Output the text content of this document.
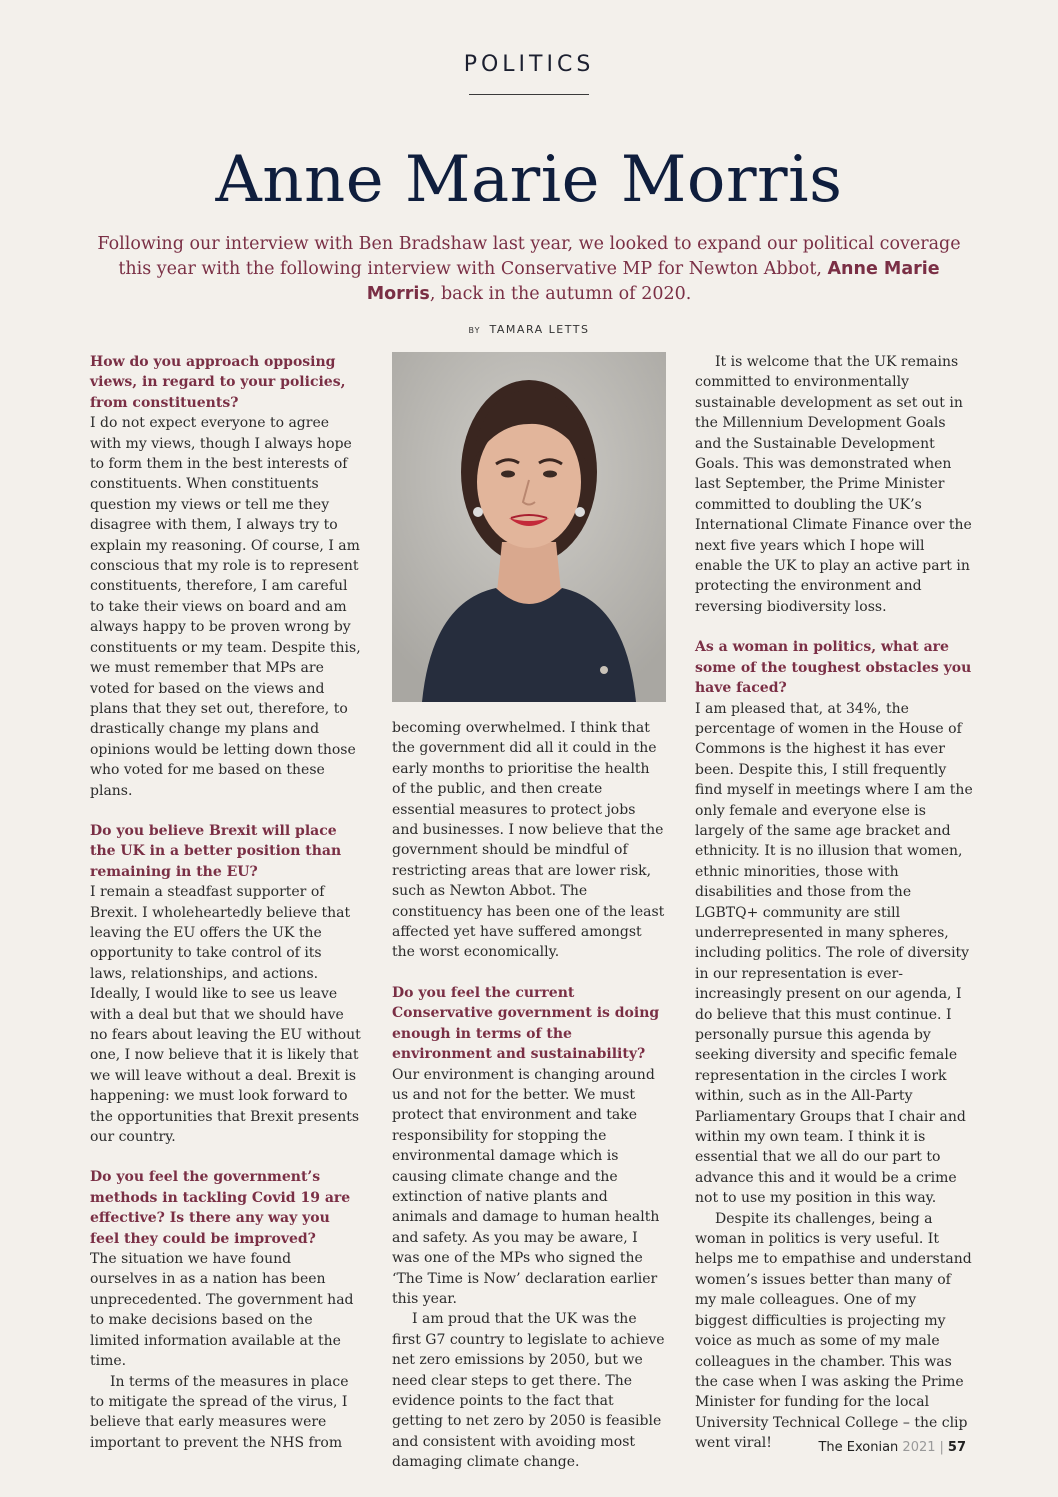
POLITICS
Anne Marie Morris
Following our interview with Ben Bradshaw last year, we looked to expand our political coverage this year with the following interview with Conservative MP for Newton Abbot, Anne Marie Morris, back in the autumn of 2020.
BY TAMARA LETTS

How do you approach opposing views, in regard to your policies, from constituents?

I do not expect everyone to agree with my views, though I always hope to form them in the best interests of constituents. When constituents question my views or tell me they disagree with them, I always try to explain my reasoning. Of course, I am conscious that my role is to represent constituents, therefore, I am careful to take their views on board and am always happy to be proven wrong by constituents or my team. Despite this, we must remember that MPs are voted for based on the views and plans that they set out, therefore, to drastically change my plans and opinions would be letting down those who voted for me based on these plans.

Do you believe Brexit will place the UK in a better position than remaining in the EU?

I remain a steadfast supporter of Brexit. I wholeheartedly believe that leaving the EU offers the UK the opportunity to take control of its laws, relationships, and actions. Ideally, I would like to see us leave with a deal but that we should have no fears about leaving the EU without one, I now believe that it is likely that we will leave without a deal. Brexit is happening: we must look forward to the opportunities that Brexit presents our country.

Do you feel the government’s methods in tackling Covid 19 are effective? Is there any way you feel they could be improved?

The situation we have found ourselves in as a nation has been unprecedented. The government had to make decisions based on the limited information available at the time.

In terms of the measures in place to mitigate the spread of the virus, I believe that early measures were important to prevent the NHS from

becoming overwhelmed. I think that the government did all it could in the early months to prioritise the health of the public, and then create essential measures to protect jobs and businesses. I now believe that the government should be mindful of restricting areas that are lower risk, such as Newton Abbot. The constituency has been one of the least affected yet have suffered amongst the worst economically.

Do you feel the current Conservative government is doing enough in terms of the environment and sustainability?

Our environment is changing around us and not for the better. We must protect that environment and take responsibility for stopping the environmental damage which is causing climate change and the extinction of native plants and animals and damage to human health and safety. As you may be aware, I was one of the MPs who signed the ‘The Time is Now’ declaration earlier this year.

I am proud that the UK was the first G7 country to legislate to achieve net zero emissions by 2050, but we need clear steps to get there. The evidence points to the fact that getting to net zero by 2050 is feasible and consistent with avoiding most damaging climate change.

It is welcome that the UK remains committed to environmentally sustainable development as set out in the Millennium Development Goals and the Sustainable Development Goals. This was demonstrated when last September, the Prime Minister committed to doubling the UK’s International Climate Finance over the next five years which I hope will enable the UK to play an active part in protecting the environment and reversing biodiversity loss.

As a woman in politics, what are some of the toughest obstacles you have faced?

I am pleased that, at 34%, the percentage of women in the House of Commons is the highest it has ever been. Despite this, I still frequently find myself in meetings where I am the only female and everyone else is largely of the same age bracket and ethnicity. It is no illusion that women, ethnic minorities, those with disabilities and those from the LGBTQ+ community are still underrepresented in many spheres, including politics. The role of diversity in our representation is ever-increasingly present on our agenda, I do believe that this must continue. I personally pursue this agenda by seeking diversity and specific female representation in the circles I work within, such as in the All-Party Parliamentary Groups that I chair and within my own team. I think it is essential that we all do our part to advance this and it would be a crime not to use my position in this way.

Despite its challenges, being a woman in politics is very useful. It helps me to empathise and understand women’s issues better than many of my male colleagues. One of my biggest difficulties is projecting my voice as much as some of my male colleagues in the chamber. This was the case when I was asking the Prime Minister for funding for the local University Technical College – the clip went viral!	The Exonian 2021 | 57
